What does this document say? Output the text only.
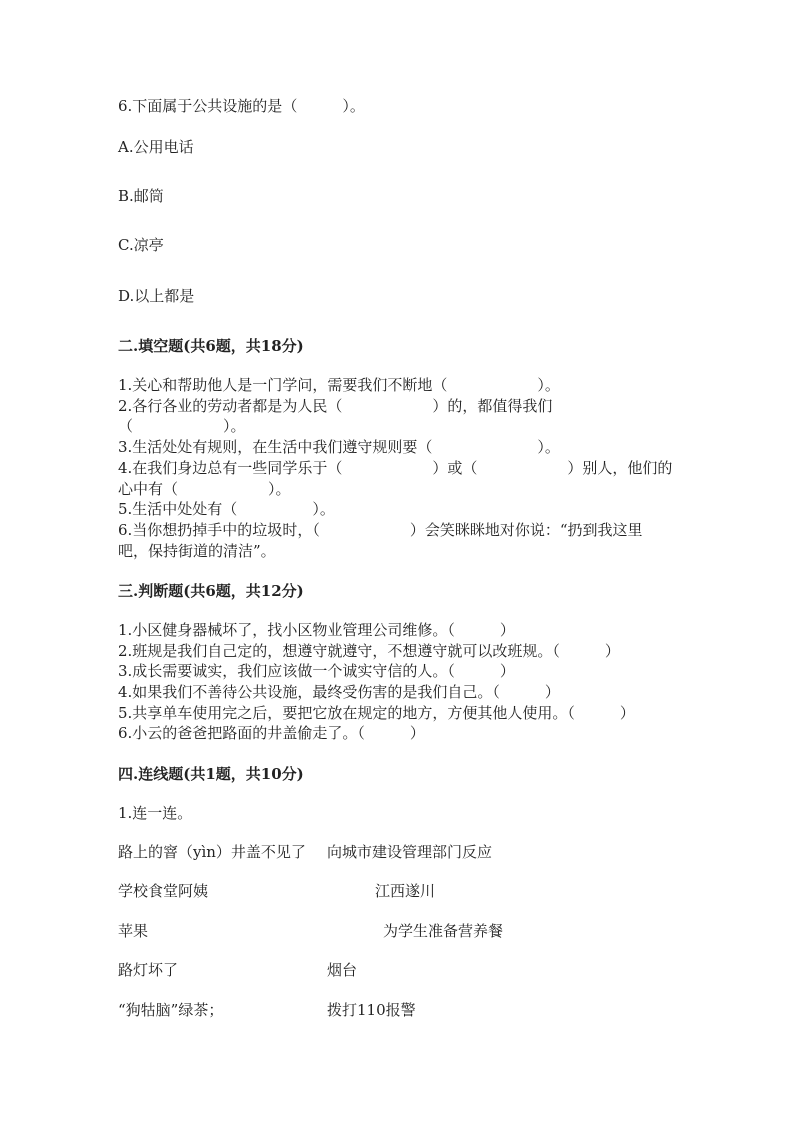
6.下面属于公共设施的是（　　　）。
A.公用电话
B.邮筒
C.凉亭
D.以上都是
二.填空题(共6题，共18分)
1.关心和帮助他人是一门学问，需要我们不断地（　　　　　　）。
2.各行各业的劳动者都是为人民（　　　　　　）的，都值得我们
（　　　　　　）。
3.生活处处有规则，在生活中我们遵守规则要（　　　　　　　）。
4.在我们身边总有一些同学乐于（　　　　　　）或（　　　　　　）别人，他们的
心中有（　　　　　　）。
5.生活中处处有（　　　　　）。
6.当你想扔掉手中的垃圾时，（　　　　　　）会笑眯眯地对你说：“扔到我这里
吧，保持街道的清洁”。
三.判断题(共6题，共12分)
1.小区健身器械坏了，找小区物业管理公司维修。（　　　）
2.班规是我们自己定的，想遵守就遵守，不想遵守就可以改班规。（　　　）
3.成长需要诚实，我们应该做一个诚实守信的人。（　　　）
4.如果我们不善待公共设施，最终受伤害的是我们自己。（　　　）
5.共享单车使用完之后，要把它放在规定的地方，方便其他人使用。（　　　）
6.小云的爸爸把路面的井盖偷走了。（　　　）
四.连线题(共1题，共10分)
1.连一连。
路上的窨（yìn）井盖不见了 向城市建设管理部门反应
学校食堂阿姨	江西遂川
苹果	为学生准备营养餐
路灯坏了	烟台
“狗牯脑”绿茶；	拨打110报警
